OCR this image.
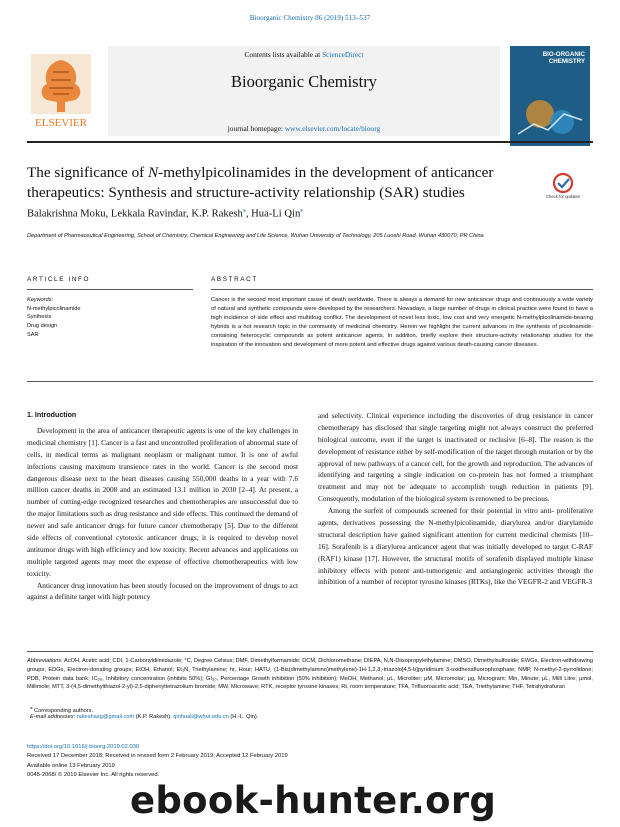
Bioorganic Chemistry 86 (2019) 513–537
ELSEVIER
Contents lists available at ScienceDirect
Bioorganic Chemistry
journal homepage: www.elsevier.com/locate/bioorg
BIO-ORGANIC CHEMISTRY
The significance of N-methylpicolinamides in the development of anticancer therapeutics: Synthesis and structure-activity relationship (SAR) studies	Check for updates
Balakrishna Moku, Lekkala Ravindar, K.P. Rakesh⁎, Hua-Li Qin⁎
Department of Pharmaceutical Engineering, School of Chemistry, Chemical Engineering and Life Science, Wuhan University of Technology, 205 Luoshi Road, Wuhan 430070, PR China
ARTICLE INFO	ABSTRACT
Keywords:
N-methylpicolinamide
Synthesis
Drug design
SAR
Cancer is the second most important cause of death worldwide. There is always a demand for new anticancer drugs and continuously a wide variety of natural and synthetic compounds were developed by the researchers. Nowadays, a large number of drugs in clinical practice were found to have a high incidence of side effect and multidrug conflict. The development of novel less toxic, low cost and very energetic N-methylpicolinamide-bearing hybrids is a hot research topic in the community of medicinal chemistry. Herein we highlight the current advances in the synthesis of picolinamide-containing heterocyclic compounds as potent anticancer agents. In addition, briefly explore their structure-activity relationship studies for the inspiration of the innovation and development of more potent and effective drugs against various death-causing cancer diseases.
1. Introduction

Development in the area of anticancer therapeutic agents is one of the key challenges in medicinal chemistry [1]. Cancer is a fast and uncontrolled proliferation of abnormal state of cells, in medical terms as malignant neoplasm or malignant tumor. It is one of awful infections causing maximum transience rates in the world. Cancer is the second most dangerous disease next to the heart diseases causing 550,000 deaths in a year with 7.6 million cancer deaths in 2008 and an estimated 13.1 million in 2030 [2–4]. At present, a number of cutting-edge recognized researches and chemotherapies are unsuccessful due to the major limitations such as drug resistance and side effects. This continued the demand of newer and safe anticancer drugs for future cancer chemotherapy [5]. Due to the different side effects of conventional cytotoxic anticancer drugs, it is required to develop novel antitumor drugs with high efficiency and low toxicity. Recent advances and applications on multiple targeted agents may meet the expense of effective chemotherapeutics with low toxicity.

Anticancer drug innovation has been stoutly focused on the improvement of drugs to act against a definite target with high potency

and selectivity. Clinical experience including the discoveries of drug resistance in cancer chemotherapy has disclosed that single targeting might not always construct the preferred biological outcome, even if the target is inactivated or reclusive [6–8]. The reason is the development of resistance either by self-modification of the target through mutation or by the approval of new pathways of a cancer cell, for the growth and reproduction. The advances of identifying and targeting a single indication on co-protein has not formed a triumphant treatment and may not be adequate to accomplish tough reduction in patients [9]. Consequently, modulation of the biological system is renowned to be precious.

Among the surfeit of compounds screened for their potential in vitro anti- proliferative agents, derivatives possessing the N-methylpicolinamide, diarylurea and/or diarylamide structural description have gained significant attention for current medicinal chemists [10–16]. Sorafenib is a diarylurea anticancer agent that was initially developed to target C-RAF (RAF1) kinase [17]. However, the structural motifs of sorafenib displayed multiple kinase inhibitory effects with potent anti-tumorigenic and antiangiogenic activities through the inhibition of a number of receptor tyrosine kinases (RTKs), like the VEGFR-2 and VEGFR-3

Abbreviations: AcOH, Acetic acid; CDI, 1-Carbonyldiimidazole; °C, Degree Celsius; DMF, Dimethylformamide; DCM, Dichloromethane; DIEPA, N,N-Diisopropylethylamine; DMSO, Dimethylsulfoxide; EWGs, Electron-withdrawing groups; EDGs, Electron-donating groups; EtOH, Ethanol; Et₃N, Triethylamine; hr, Hour; HATU, (1-Bis(dimethylamino)methylene)-1H-1,2,3,-triazolo[4,5-b]pyridinium 3-oxidhexafluorophosphate; NMP, N-methyl-2-pyrrolidone; PDB, Protein data bank; IC₅₀, Inhibitory concentration (inhibits 50%); GI₅₀, Percentage Growth inhibition (50% inhibition); MeOH, Methanol; μL, Microliter; μM, Micromolar; μg, Microgram; Min, Minute; μL, Milli Litre; μmol, Millimole; MTT, 3-(4,5-dimethylthiazol-2-yl)-2,5-diphenyltetrazolium bromide; MW, Microwave; RTK, receptor tyrosine kinases; Rt, room temperature; TFA, Trifluoroacetic acid; TEA, Triethylamine; THF, Tetrahydrafuran
⁎ Corresponding authors.
E-mail addresses: rakeshasg@gmail.com (K.P. Rakesh), qinhuali@whut.edu.cn (H.-L. Qin).
https://doi.org/10.1016/j.bioorg.2019.02.030
Received 17 December 2018; Received in revised form 2 February 2019; Accepted 12 February 2019
Available online 13 February 2019
0045-2068/ © 2019 Elsevier Inc. All rights reserved.
ebook-hunter.org
